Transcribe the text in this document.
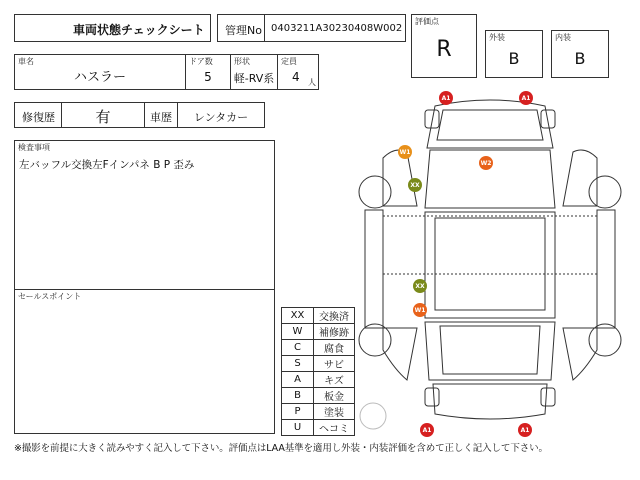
車両状態チェックシート 管理No 0403211A30230408W002
評価点
R	外装
B
内装
B
車名
ハスラー
ドア数
5
形状
軽-RV系
定員
4 人
修復歴	有	車歴	レンタカー
検査事項
左バッフル交換左Fインパネ B P 歪み
セールスポイント
XX	交換済
W	補修跡
C	腐食
S	サビ
A	キズ
B	板金
P	塗装
U	ヘコミ
A1	A1
W1
W2
XX
XX
W1
A1	A1
※撮影を前提に大きく読みやすく記入して下さい。評価点はLAA基準を適用し外装・内装評価を含めて正しく記入して下さい。
